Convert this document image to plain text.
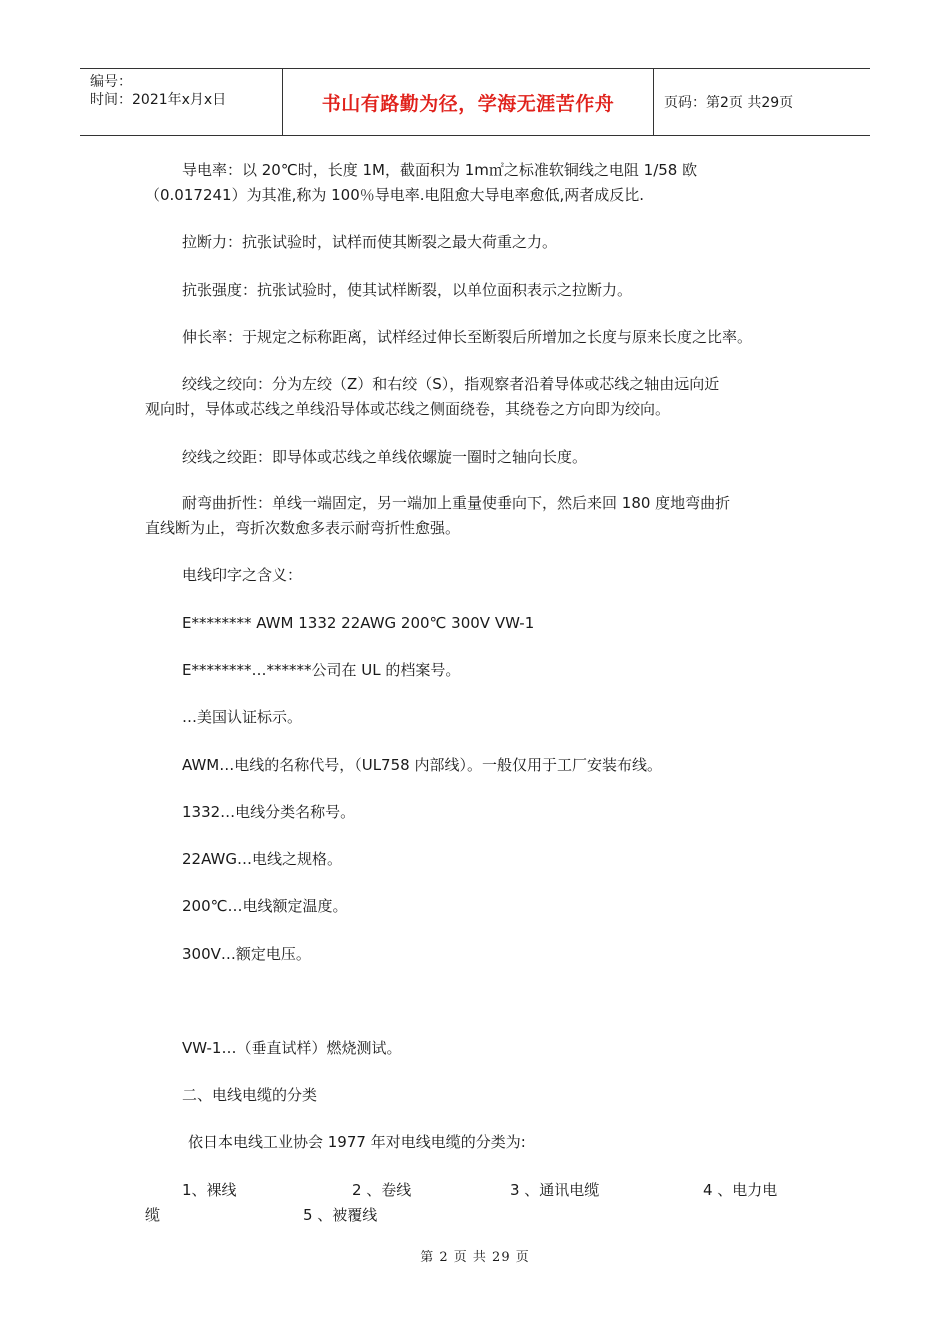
编号：
时间：2021年x月x日	书山有路勤为径，学海无涯苦作舟	页码：第2页 共29页

导电率：以 20℃时，长度 1M，截面积为 1m㎡之标准软铜线之电阻 1/58 欧

（0.017241）为其准,称为 100％导电率.电阻愈大导电率愈低,两者成反比.

拉断力：抗张试验时，试样而使其断裂之最大荷重之力。

抗张强度：抗张试验时，使其试样断裂，以单位面积表示之拉断力。

伸长率：于规定之标称距离，试样经过伸长至断裂后所增加之长度与原来长度之比率。

绞线之绞向：分为左绞（Z）和右绞（S），指观察者沿着导体或芯线之轴由远向近

观向时，导体或芯线之单线沿导体或芯线之侧面绕卷，其绕卷之方向即为绞向。

绞线之绞距：即导体或芯线之单线依螺旋一圈时之轴向长度。

耐弯曲折性：单线一端固定，另一端加上重量使垂向下，然后来回 180 度地弯曲折

直线断为止，弯折次数愈多表示耐弯折性愈强。

电线印字之含义：

E******** AWM 1332 22AWG 200℃ 300V VW-1

E********…******公司在 UL 的档案号。

…美国认证标示。

AWM…电线的名称代号，（UL758 内部线）。一般仅用于工厂安装布线。

1332…电线分类名称号。

22AWG…电线之规格。

200℃…电线额定温度。

300V…额定电压。

VW-1…（垂直试样）燃烧测试。

二、电线电缆的分类

依日本电线工业协会 1977 年对电线电缆的分类为:

1、裸线	2 、卷线	3 、通讯电缆	4 、电力电
缆	5 、被覆线
第 2 页 共 29 页
